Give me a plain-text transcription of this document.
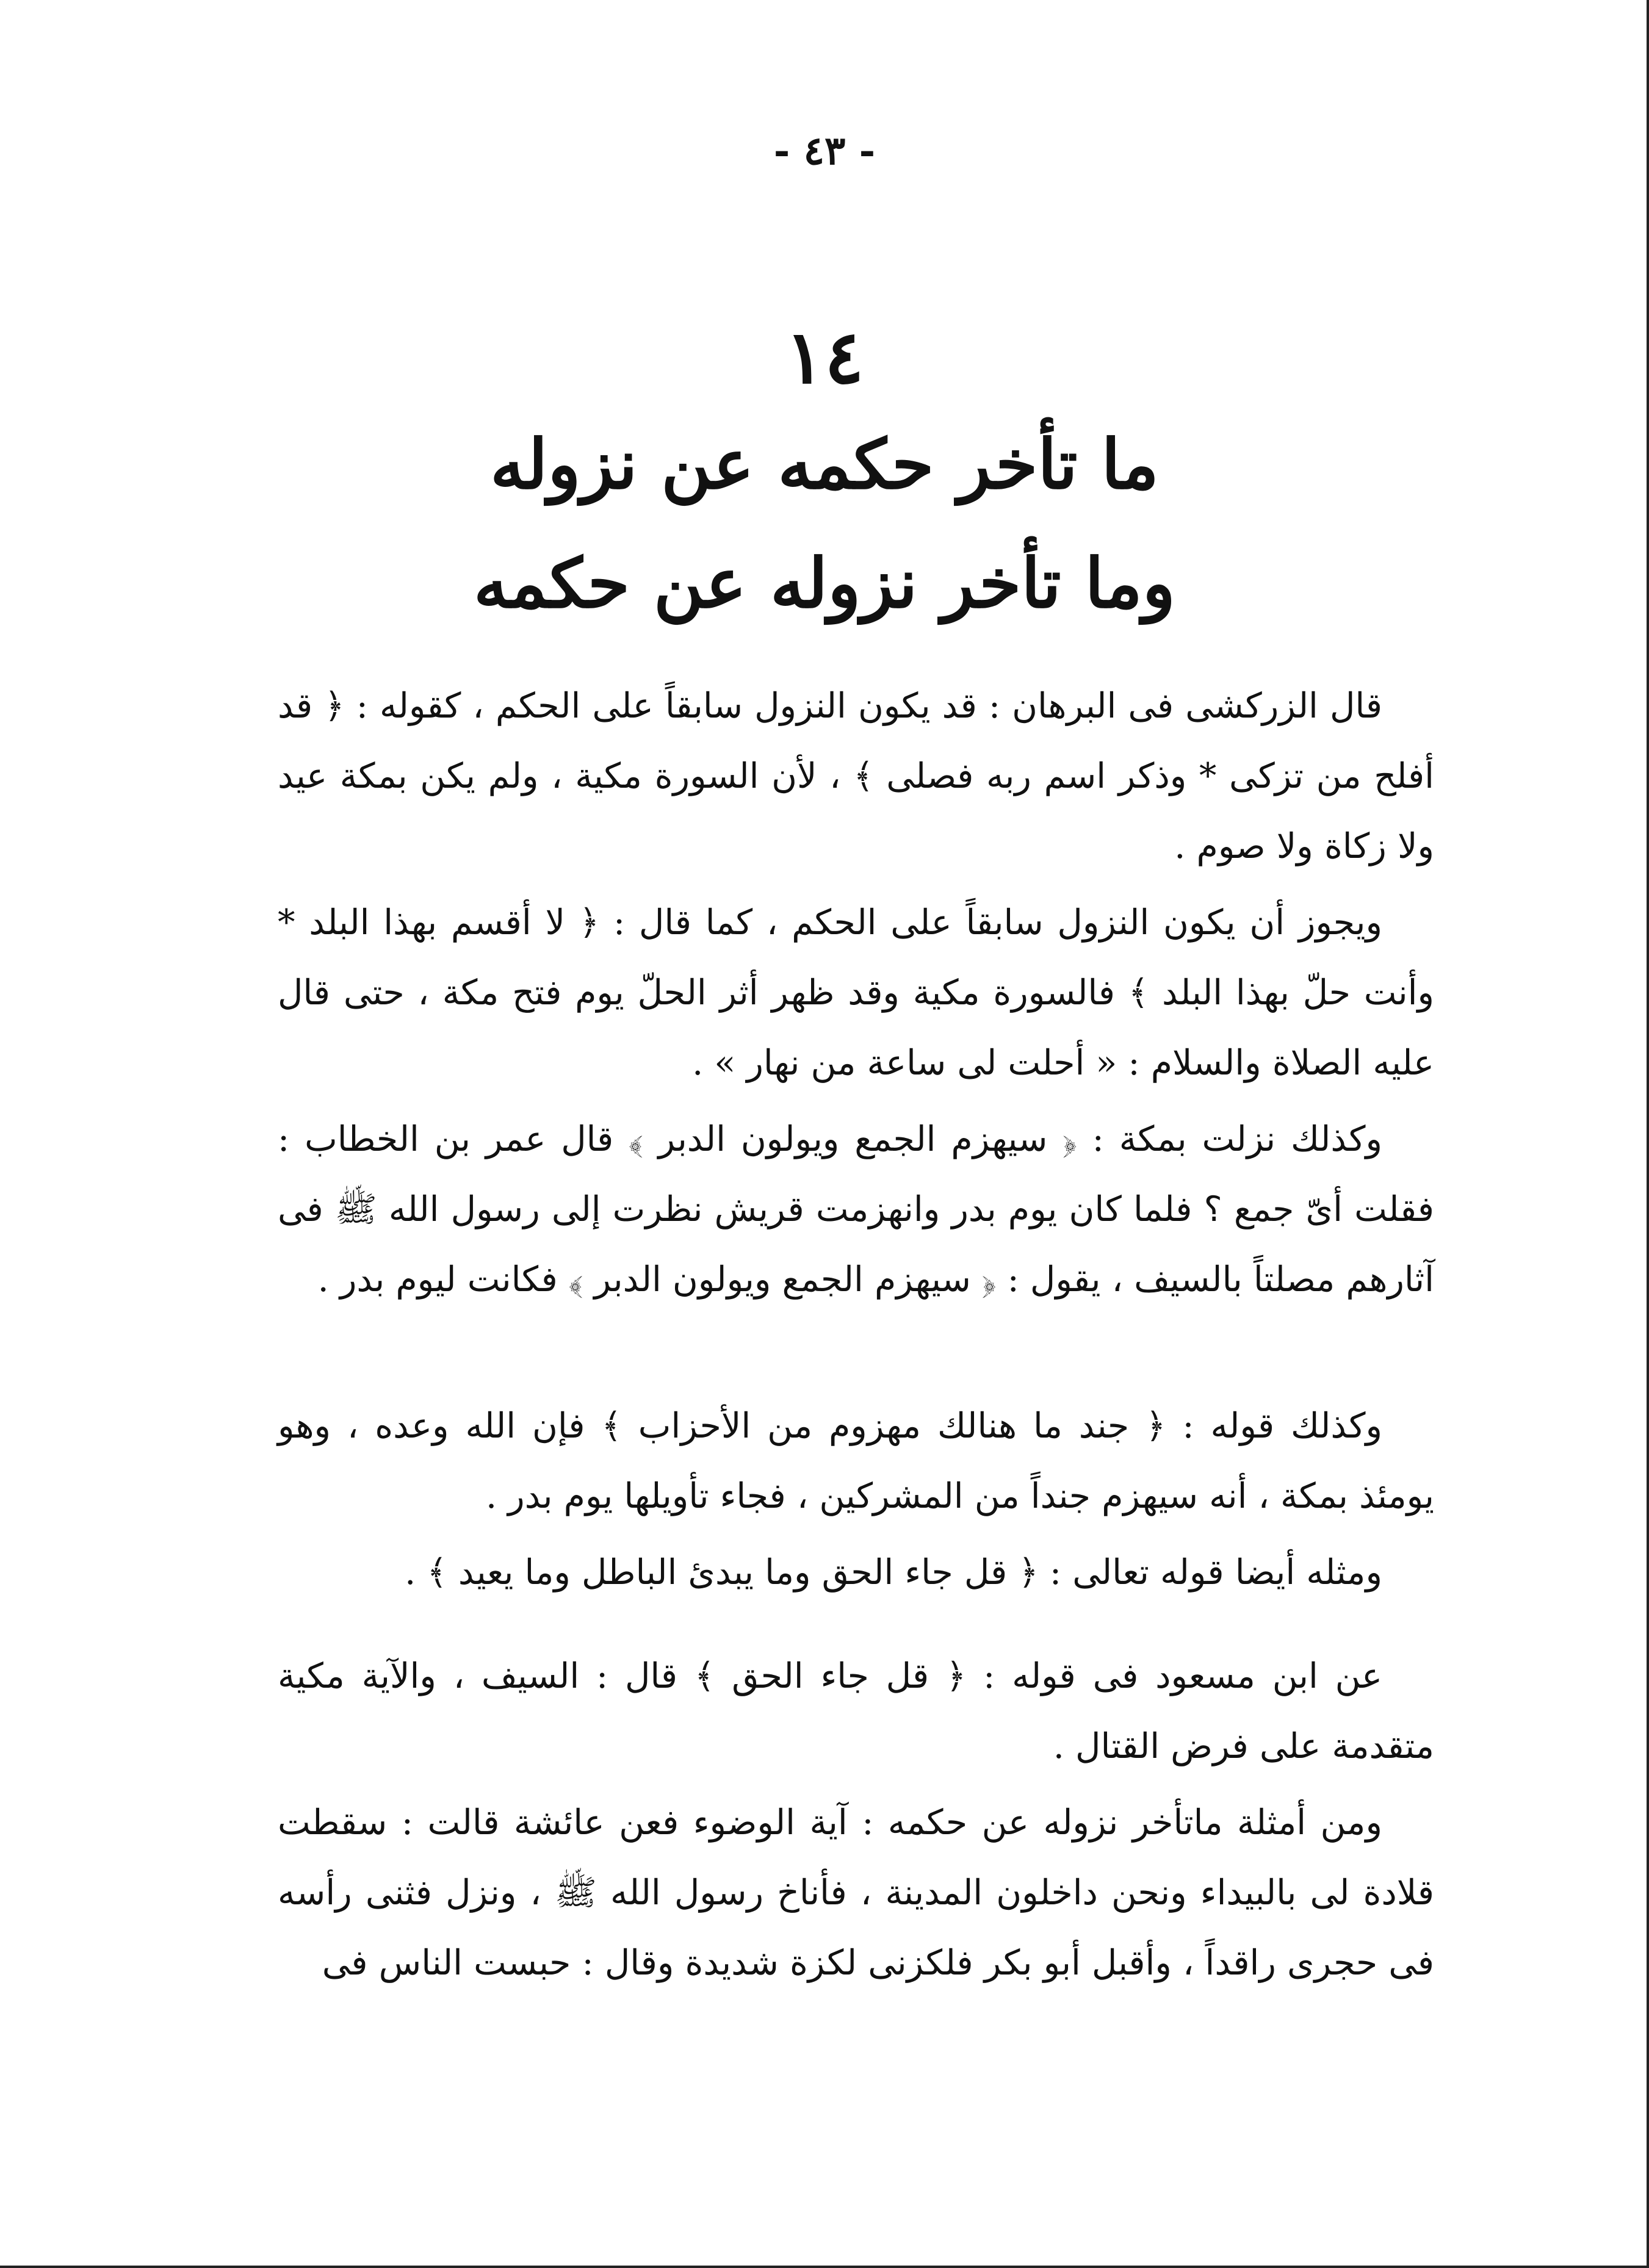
- ٤٣ -
١٤
ما تأخر حكمه عن نزوله
وما تأخر نزوله عن حكمه

قال الزركشى فى البرهان : قد يكون النزول سابقاً على الحكم ، كقوله : ﴿ قد أفلح من تزكى * وذكر اسم ربه فصلى ﴾ ، لأن السورة مكية ، ولم يكن بمكة عيد ولا زكاة ولا صوم .

ويجوز أن يكون النزول سابقاً على الحكم ، كما قال : ﴿ لا أقسم بهذا البلد * وأنت حلّ بهذا البلد ﴾ فالسورة مكية وقد ظهر أثر الحلّ يوم فتح مكة ، حتى قال عليه الصلاة والسلام : « أحلت لى ساعة من نهار » .

وكذلك نزلت بمكة : ﴿ سيهزم الجمع ويولون الدبر ﴾ قال عمر بن الخطاب : فقلت أىّ جمع ؟ فلما كان يوم بدر وانهزمت قريش نظرت إلى رسول الله ﷺ فى آثارهم مصلتاً بالسيف ، يقول : ﴿ سيهزم الجمع ويولون الدبر ﴾ فكانت ليوم بدر .

وكذلك قوله : ﴿ جند ما هنالك مهزوم من الأحزاب ﴾ فإن الله وعده ، وهو يومئذ بمكة ، أنه سيهزم جنداً من المشركين ، فجاء تأويلها يوم بدر .

ومثله أيضا قوله تعالى : ﴿ قل جاء الحق وما يبدئ الباطل وما يعيد ﴾ .

عن ابن مسعود فى قوله : ﴿ قل جاء الحق ﴾ قال : السيف ، والآية مكية متقدمة على فرض القتال .

ومن أمثلة ماتأخر نزوله عن حكمه : آية الوضوء فعن عائشة قالت : سقطت قلادة لى بالبيداء ونحن داخلون المدينة ، فأناخ رسول الله ﷺ ، ونزل فثنى رأسه فى حجرى راقداً ، وأقبل أبو بكر فلكزنى لكزة شديدة وقال : حبست الناس فى
